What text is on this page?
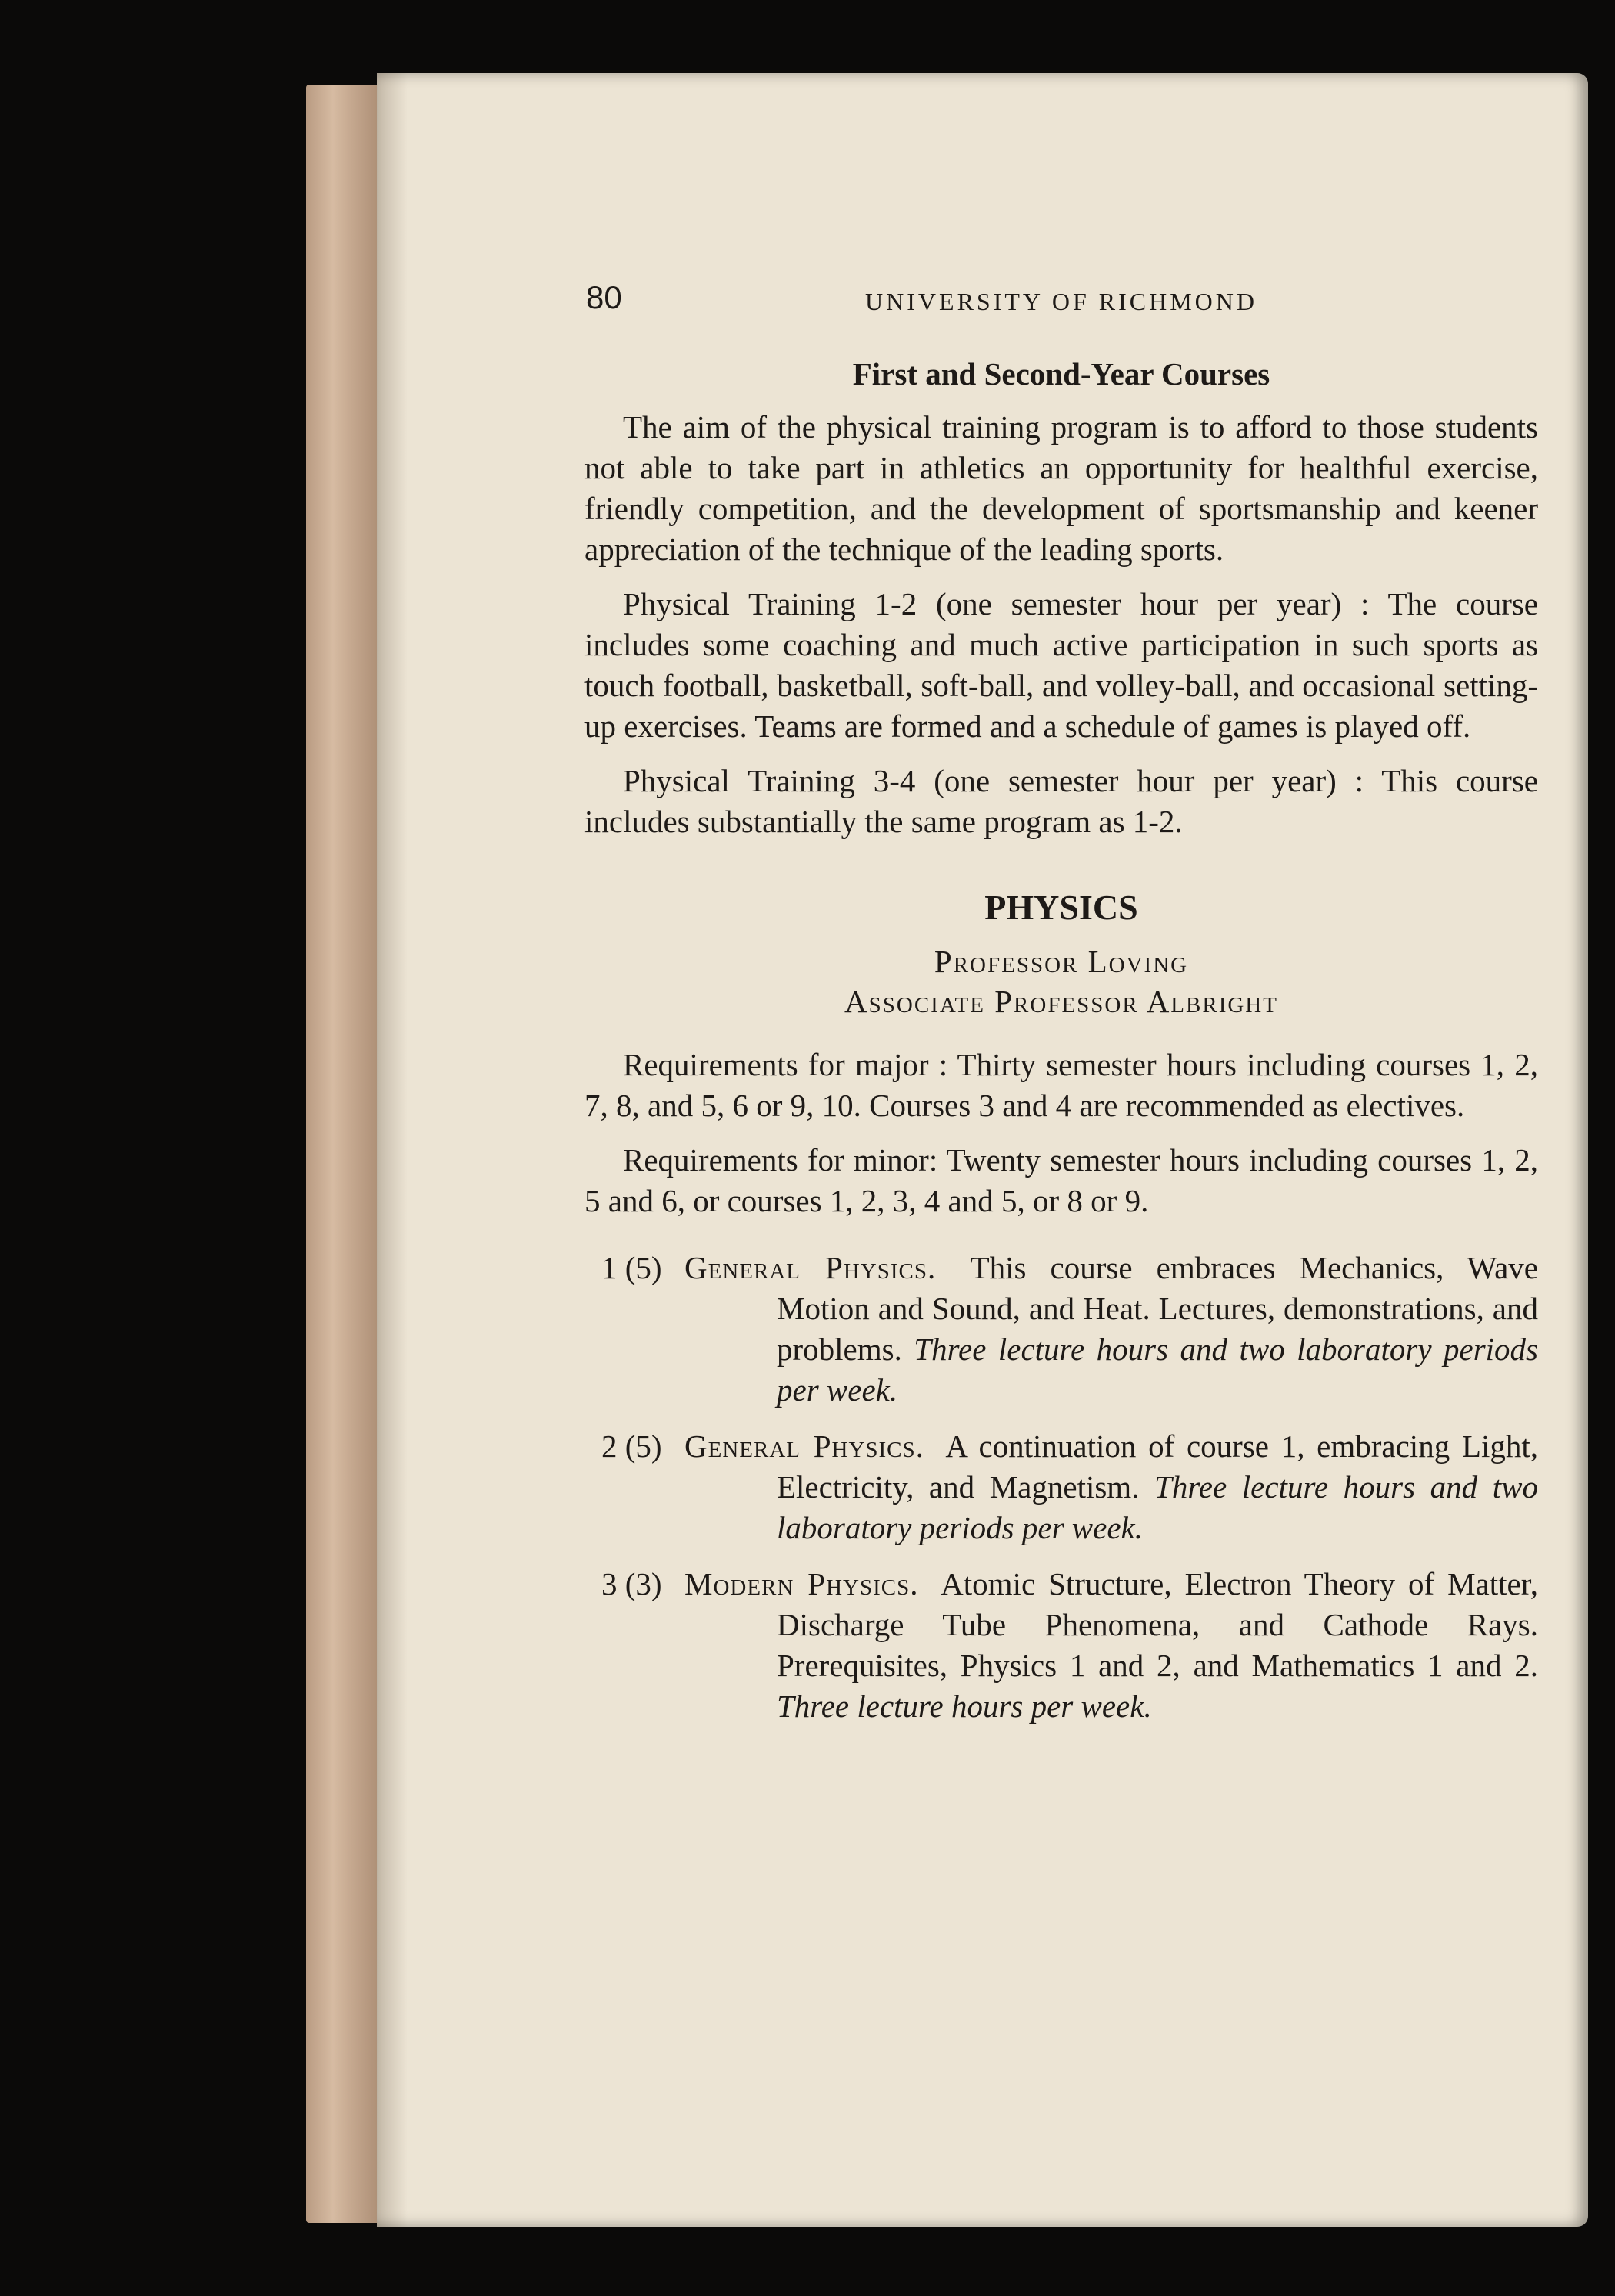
80	UNIVERSITY OF RICHMOND
First and Second-Year Courses

The aim of the physical training program is to afford to those students not able to take part in athletics an opportunity for healthful exercise, friendly competition, and the development of sportsmanship and keener appreciation of the technique of the leading sports.

Physical Training 1-2 (one semester hour per year) : The course includes some coaching and much active participation in such sports as touch football, basketball, soft-ball, and volley-ball, and occasional setting-up exercises. Teams are formed and a schedule of games is played off.

Physical Training 3-4 (one semester hour per year) : This course includes substantially the same program as 1-2.

PHYSICS
Professor Loving
Associate Professor Albright

Requirements for major : Thirty semester hours including courses 1, 2, 7, 8, and 5, 6 or 9, 10. Courses 3 and 4 are recommended as electives.

Requirements for minor: Twenty semester hours including courses 1, 2, 5 and 6, or courses 1, 2, 3, 4 and 5, or 8 or 9.

1 (5) General Physics. This course embraces Mechanics, Wave Motion and Sound, and Heat. Lectures, demonstrations, and problems. Three lecture hours and two laboratory periods per week.
2 (5) General Physics. A continuation of course 1, embracing Light, Electricity, and Magnetism. Three lecture hours and two laboratory periods per week.
3 (3) Modern Physics. Atomic Structure, Electron Theory of Matter, Discharge Tube Phenomena, and Cathode Rays. Prerequisites, Physics 1 and 2, and Mathematics 1 and 2. Three lecture hours per week.
